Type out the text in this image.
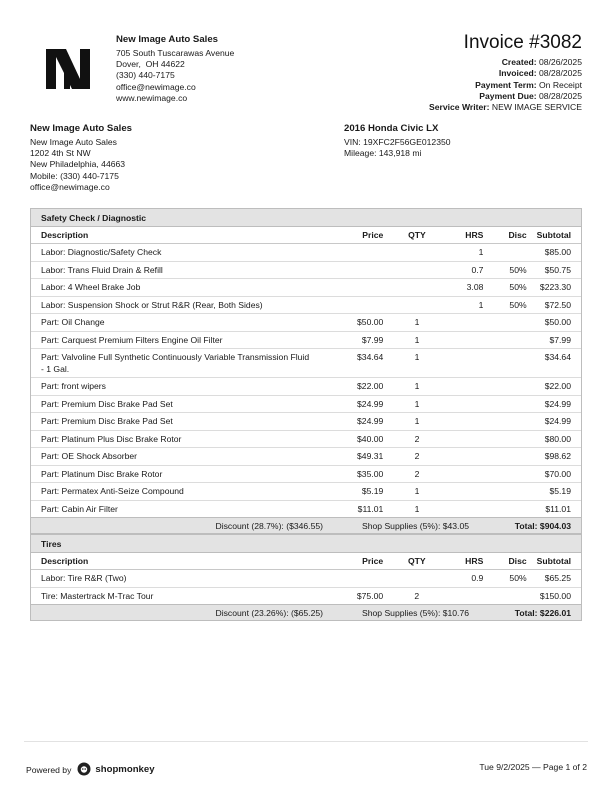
New Image Auto Sales
705 South Tuscarawas Avenue
Dover,  OH 44622
(330) 440-7175
office@newimage.co
www.newimage.co
Invoice #3082
Created: 08/26/2025
Invoiced: 08/28/2025
Payment Term: On Receipt
Payment Due: 08/28/2025
Service Writer: NEW IMAGE SERVICE
New Image Auto Sales
New Image Auto Sales
1202 4th St NW
New Philadelphia, 44663
Mobile: (330) 440-7175
office@newimage.co
2016 Honda Civic LX
VIN: 19XFC2F56GE012350
Mileage: 143,918 mi
Safety Check / Diagnostic
Description	Price	QTY	HRS	Disc	Subtotal
Labor: Diagnostic/Safety Check			1		$85.00
Labor: Trans Fluid Drain & Refill			0.7	50%	$50.75
Labor: 4 Wheel Brake Job			3.08	50%	$223.30
Labor: Suspension Shock or Strut R&R (Rear, Both Sides)			1	50%	$72.50
Part: Oil Change	$50.00	1			$50.00
Part: Carquest Premium Filters Engine Oil Filter	$7.99	1			$7.99
Part: Valvoline Full Synthetic Continuously Variable Transmission Fluid - 1 Gal.	$34.64	1			$34.64
Part: front wipers	$22.00	1			$22.00
Part: Premium Disc Brake Pad Set	$24.99	1			$24.99
Part: Premium Disc Brake Pad Set	$24.99	1			$24.99
Part: Platinum Plus Disc Brake Rotor	$40.00	2			$80.00
Part: OE Shock Absorber	$49.31	2			$98.62
Part: Platinum Disc Brake Rotor	$35.00	2			$70.00
Part: Permatex Anti-Seize Compound	$5.19	1			$5.19
Part: Cabin Air Filter	$11.01	1			$11.01
Discount (28.7%): ($346.55)	Shop Supplies (5%): $43.05	Total: $904.03
Tires
Description	Price	QTY	HRS	Disc	Subtotal
Labor: Tire R&R (Two)			0.9	50%	$65.25
Tire: Mastertrack M-Trac Tour	$75.00	2			$150.00
Discount (23.26%): ($65.25)	Shop Supplies (5%): $10.76	Total: $226.01
Powered by	shopmonkey	Tue 9/2/2025 — Page 1 of 2
